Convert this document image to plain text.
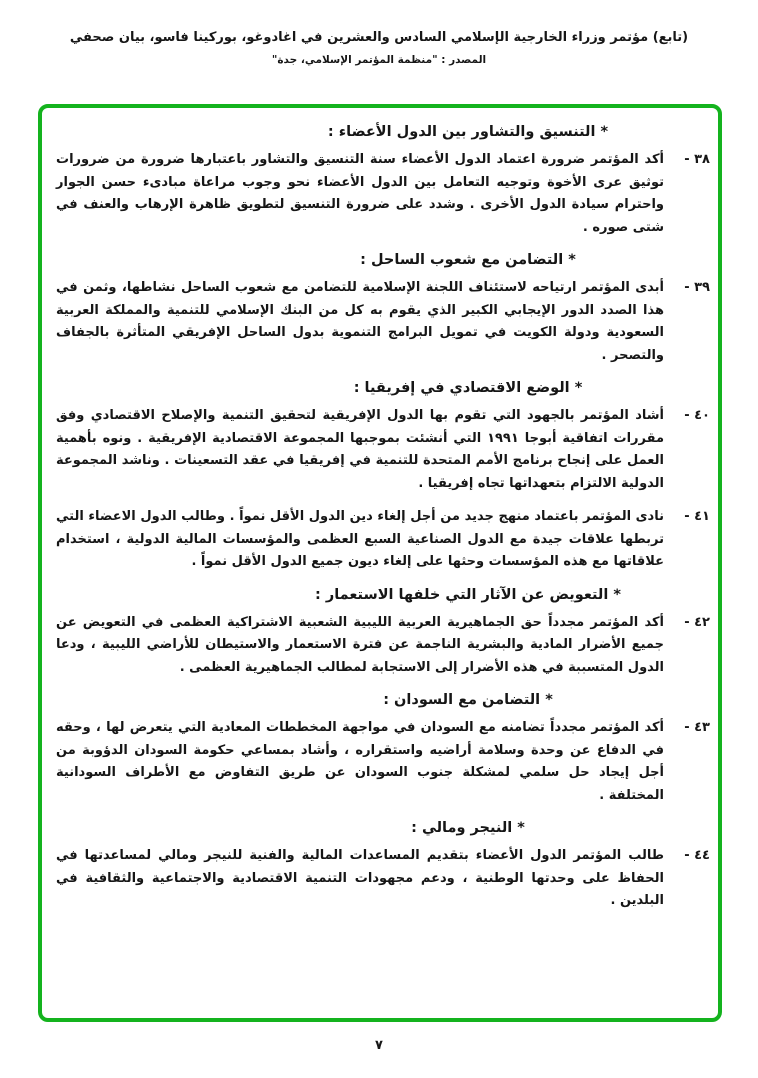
(تابع) مؤتمر وزراء الخارجية الإسلامي السادس والعشرين في اغادوغو، بوركينا فاسو، بيان صحفي
المصدر : "منظمة المؤتمر الإسلامي، جدة"
* التنسيق والتشاور بين الدول الأعضاء :
٣٨ -

أكد المؤتمر ضرورة اعتماد الدول الأعضاء سنة التنسيق والتشاور باعتبارها ضرورة من ضرورات توثيق عرى الأخوة وتوجيه التعامل بين الدول الأعضاء نحو وجوب مراعاة مبادىء حسن الجوار واحترام سيادة الدول الأخرى . وشدد على ضرورة التنسيق لتطويق ظاهرة الإرهاب والعنف في شتى صوره .

* التضامن مع شعوب الساحل :
٣٩ -

أبدى المؤتمر ارتياحه لاستئناف اللجنة الإسلامية للتضامن مع شعوب الساحل نشاطها، وثمن في هذا الصدد الدور الإيجابي الكبير الذي يقوم به كل من البنك الإسلامي للتنمية والمملكة العربية السعودية ودولة الكويت في تمويل البرامج التنموية بدول الساحل الإفريقي المتأثرة بالجفاف والتصحر .

* الوضع الاقتصادي في إفريقيا :
٤٠ -

أشاد المؤتمر بالجهود التي تقوم بها الدول الإفريقية لتحقيق التنمية والإصلاح الاقتصادي وفق مقررات اتفاقية أبوجا ١٩٩١ التي أنشئت بموجبها المجموعة الاقتصادية الإفريقية . ونوه بأهمية العمل على إنجاح برنامج الأمم المتحدة للتنمية في إفريقيا في عقد التسعينات . وناشد المجموعة الدولية الالتزام بتعهداتها تجاه إفريقيا .

٤١ -

نادى المؤتمر باعتماد منهج جديد من أجل إلغاء دين الدول الأقل نمواً . وطالب الدول الاعضاء التي تربطها علاقات جيدة مع الدول الصناعية السبع العظمى والمؤسسات المالية الدولية ، استخدام علاقاتها مع هذه المؤسسات وحثها على إلغاء ديون جميع الدول الأقل نمواً .

* التعويض عن الآثار التي خلفها الاستعمار :
٤٢ -

أكد المؤتمر مجدداً حق الجماهيرية العربية الليبية الشعبية الاشتراكية العظمى في التعويض عن جميع الأضرار المادية والبشرية الناجمة عن فترة الاستعمار والاستيطان للأراضي الليبية ، ودعا الدول المتسببة في هذه الأضرار إلى الاستجابة لمطالب الجماهيرية العظمى .

* التضامن مع السودان :
٤٣ -

أكد المؤتمر مجدداً تضامنه مع السودان في مواجهة المخططات المعادية التي يتعرض لها ، وحقه في الدفاع عن وحدة وسلامة أراضيه واستقراره ، وأشاد بمساعي حكومة السودان الدؤوبة من أجل إيجاد حل سلمي لمشكلة جنوب السودان عن طريق التفاوض مع الأطراف السودانية المختلفة .

* النيجر ومالي :
٤٤ -

طالب المؤتمر الدول الأعضاء بتقديم المساعدات المالية والفنية للنيجر ومالي لمساعدتها في الحفاظ على وحدتها الوطنية ، ودعم مجهودات التنمية الاقتصادية والاجتماعية والثقافية في البلدين .

٧
